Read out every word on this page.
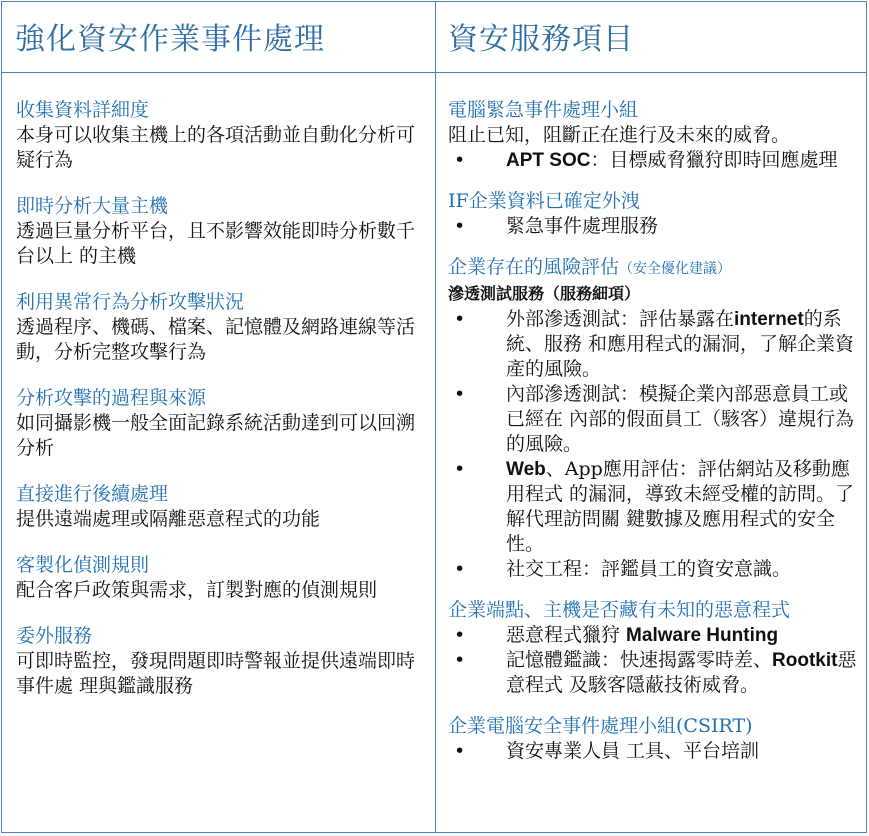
強化資安作業事件處理	資安服務項目
收集資料詳細度
本身可以收集主機上的各項活動並自動化分析可疑行為
即時分析大量主機
透過巨量分析平台，且不影響效能即時分析數千台以上 的主機
利用異常行為分析攻擊狀況
透過程序、機碼、檔案、記憶體及網路連線等活動，分析完整攻擊行為
分析攻擊的過程與來源
如同攝影機一般全面記錄系統活動達到可以回溯分析
直接進行後續處理
提供遠端處理或隔離惡意程式的功能
客製化偵測規則
配合客戶政策與需求，訂製對應的偵測規則
委外服務
可即時監控，發現問題即時警報並提供遠端即時事件處 理與鑑識服務
電腦緊急事件處理小組
阻止已知，阻斷正在進行及未來的威脅。
• APT SOC：目標威脅獵狩即時回應處理
IF企業資料已確定外洩
• 緊急事件處理服務
企業存在的風險評估（安全優化建議）
滲透測試服務（服務細項）
• 外部滲透測試：評估暴露在internet的系統、服務 和應用程式的漏洞，了解企業資產的風險。
• 內部滲透測試：模擬企業內部惡意員工或已經在 內部的假面員工（駭客）違規行為的風險。
• Web、App應用評估：評估網站及移動應用程式 的漏洞，導致未經受權的訪問。了解代理訪問關 鍵數據及應用程式的安全性。
• 社交工程：評鑑員工的資安意識。
企業端點、主機是否藏有未知的惡意程式
• 惡意程式獵狩 Malware Hunting
• 記憶體鑑識：快速揭露零時差、Rootkit惡意程式 及駭客隱蔽技術威脅。
企業電腦安全事件處理小組(CSIRT)
• 資安專業人員 工具、平台培訓
